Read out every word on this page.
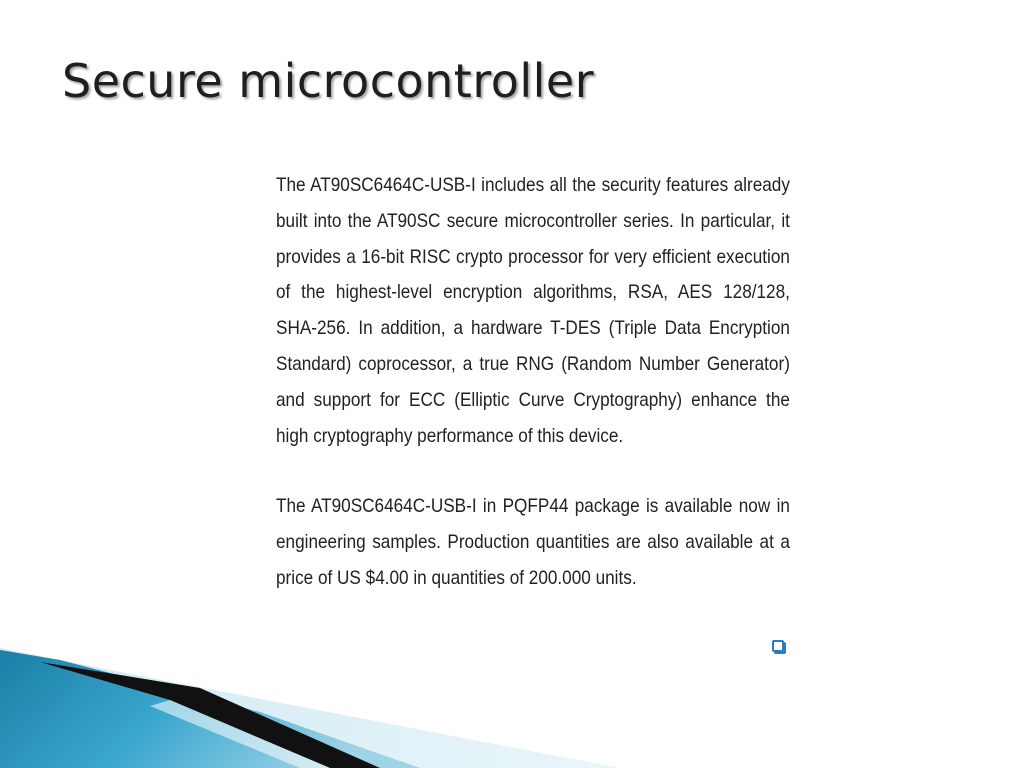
Secure microcontroller

The AT90SC6464C-USB-I includes all the security features already built into the AT90SC secure microcontroller series. In particular, it provides a 16-bit RISC crypto processor for very efficient execution of the highest-level encryption algorithms, RSA, AES 128/128, SHA-256. In addition, a hardware T-DES (Triple Data Encryption Standard) coprocessor, a true RNG (Random Number Generator) and support for ECC (Elliptic Curve Cryptography) enhance the high cryptography performance of this device.

The AT90SC6464C-USB-I in PQFP44 package is available now in engineering samples. Production quantities are also available at a price of US $4.00 in quantities of 200.000 units.
